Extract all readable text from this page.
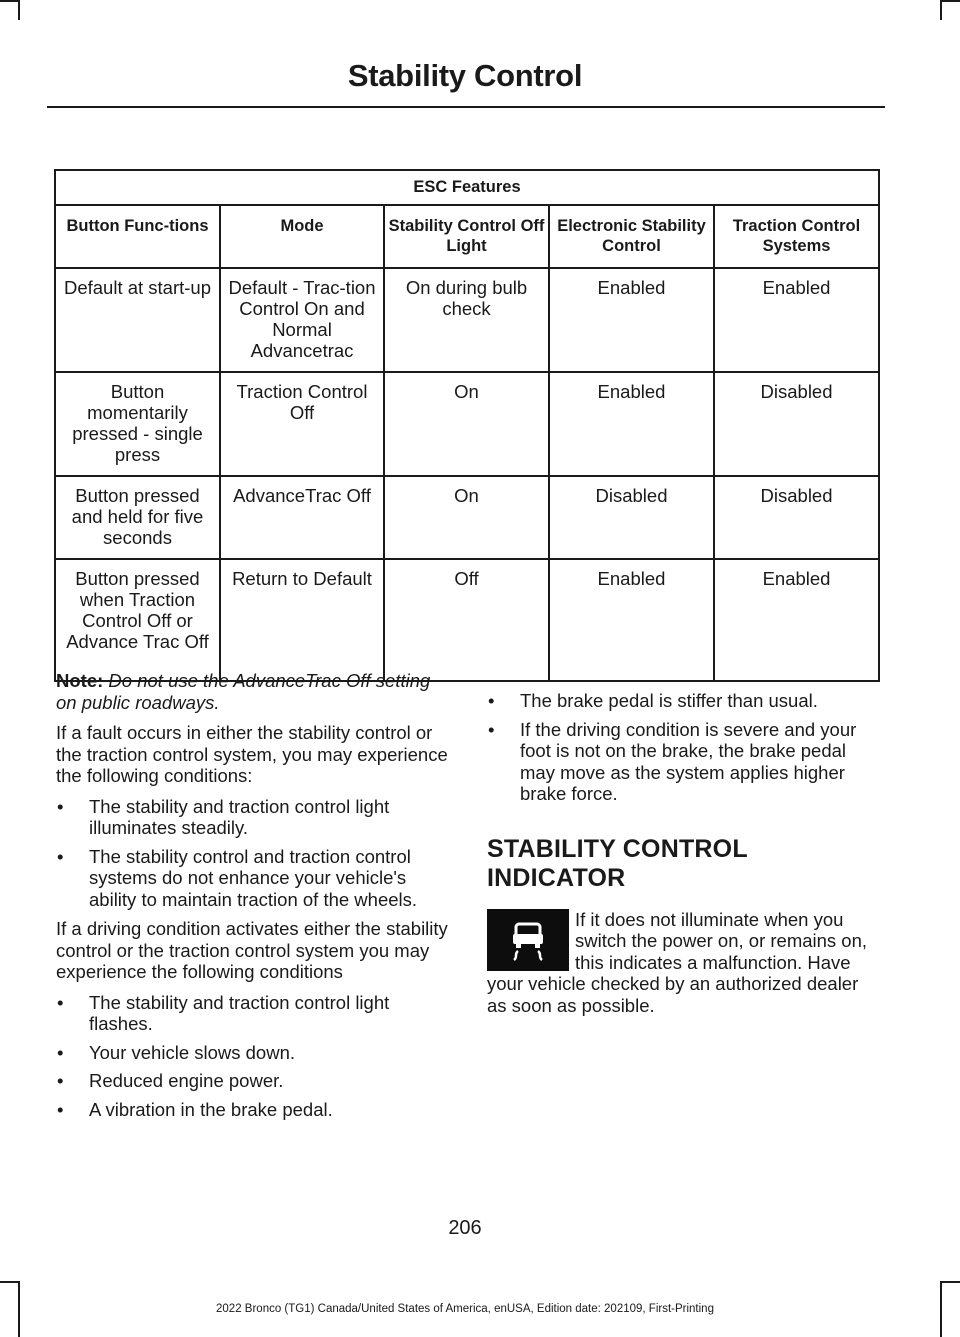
Stability Control
ESC Features				
Button Func-tions	Mode	Stability Control Off Light	Electronic Stability Control	Traction Control Systems
Default at start-up	Default - Trac-tion Control On and Normal Advancetrac	On during bulb check	Enabled	Enabled
Button momentarily pressed - single press	Traction Control Off	On	Enabled	Disabled
Button pressed and held for five seconds	AdvanceTrac Off	On	Disabled	Disabled
Button pressed when Traction Control Off or Advance Trac Off	Return to Default	Off	Enabled	Enabled

Note: Do not use the AdvanceTrac Off setting on public roadways.

If a fault occurs in either the stability control or the traction control system, you may experience the following conditions:

• The stability and traction control light illuminates steadily.
• The stability control and traction control systems do not enhance your vehicle's ability to maintain traction of the wheels.

If a driving condition activates either the stability control or the traction control system you may experience the following conditions

• The stability and traction control light flashes.
• Your vehicle slows down.
• Reduced engine power.
• A vibration in the brake pedal.
• The brake pedal is stiffer than usual.
• If the driving condition is severe and your foot is not on the brake, the brake pedal may move as the system applies higher brake force.
STABILITY CONTROL INDICATOR
If it does not illuminate when you switch the power on, or remains on, this indicates a malfunction. Have your vehicle checked by an authorized dealer as soon as possible.
206
2022 Bronco (TG1) Canada/United States of America, enUSA, Edition date: 202109, First-Printing
